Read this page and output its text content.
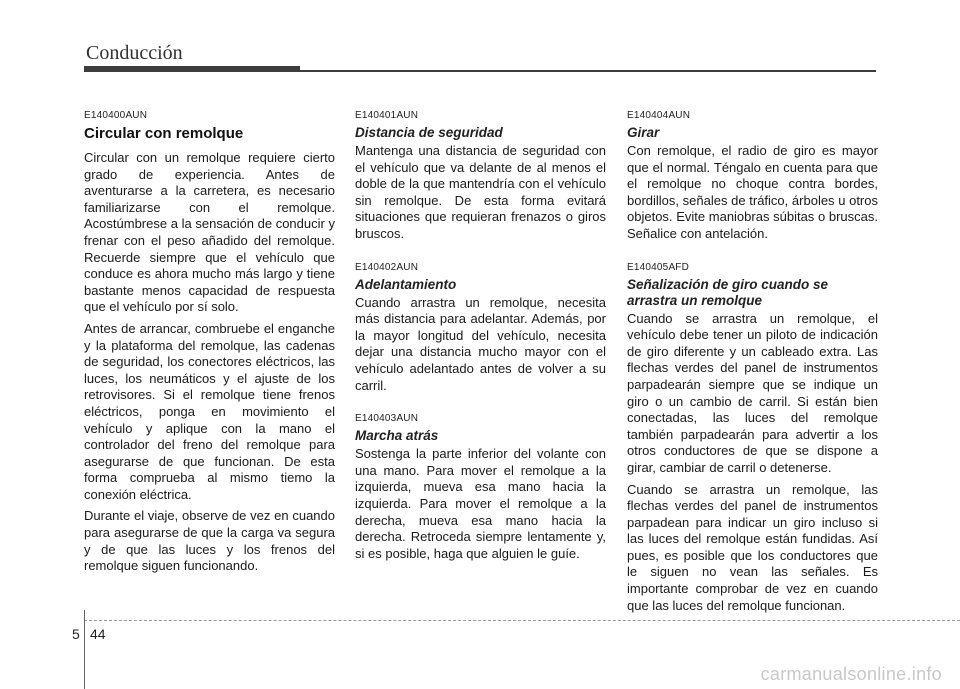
Conducción
E140400AUN
Circular con remolque

Circular con un remolque requiere cierto grado de experiencia. Antes de aventurarse a la carretera, es necesario familiarizarse con el remolque. Acostúmbrese a la sensación de conducir y frenar con el peso añadido del remolque. Recuerde siempre que el vehículo que conduce es ahora mucho más largo y tiene bastante menos capacidad de respuesta que el vehículo por sí solo.

Antes de arrancar, combruebe el enganche y la plataforma del remolque, las cadenas de seguridad, los conectores eléctricos, las luces, los neumáticos y el ajuste de los retrovisores. Si el remolque tiene frenos eléctricos, ponga en movimiento el vehículo y aplique con la mano el controlador del freno del remolque para asegurarse de que funcionan. De esta forma comprueba al mismo tiemo la conexión eléctrica.

Durante el viaje, observe de vez en cuando para asegurarse de que la carga va segura y de que las luces y los frenos del remolque siguen funcionando.

E140401AUN
Distancia de seguridad

Mantenga una distancia de seguridad con el vehículo que va delante de al menos el doble de la que mantendría con el vehículo sin remolque. De esta forma evitará situaciones que requieran frenazos o giros bruscos.

E140402AUN
Adelantamiento

Cuando arrastra un remolque, necesita más distancia para adelantar. Además, por la mayor longitud del vehículo, necesita dejar una distancia mucho mayor con el vehículo adelantado antes de volver a su carril.

E140403AUN
Marcha atrás

Sostenga la parte inferior del volante con una mano. Para mover el remolque a la izquierda, mueva esa mano hacia la izquierda. Para mover el remolque a la derecha, mueva esa mano hacia la derecha. Retroceda siempre lentamente y, si es posible, haga que alguien le guíe.

E140404AUN
Girar

Con remolque, el radio de giro es mayor que el normal. Téngalo en cuenta para que el remolque no choque contra bordes, bordillos, señales de tráfico, árboles u otros objetos. Evite maniobras súbitas o bruscas. Señalice con antelación.

E140405AFD
Señalización de giro cuando se arrastra un remolque

Cuando se arrastra un remolque, el vehículo debe tener un piloto de indicación de giro diferente y un cableado extra. Las flechas verdes del panel de instrumentos parpadearán siempre que se indique un giro o un cambio de carril. Si están bien conectadas, las luces del remolque también parpadearán para advertir a los otros conductores de que se dispone a girar, cambiar de carril o detenerse.

Cuando se arrastra un remolque, las flechas verdes del panel de instrumentos parpadean para indicar un giro incluso si las luces del remolque están fundidas. Así pues, es posible que los conductores que le siguen no vean las señales. Es importante comprobar de vez en cuando que las luces del remolque funcionan.

5 44
carmanualsonline.info
